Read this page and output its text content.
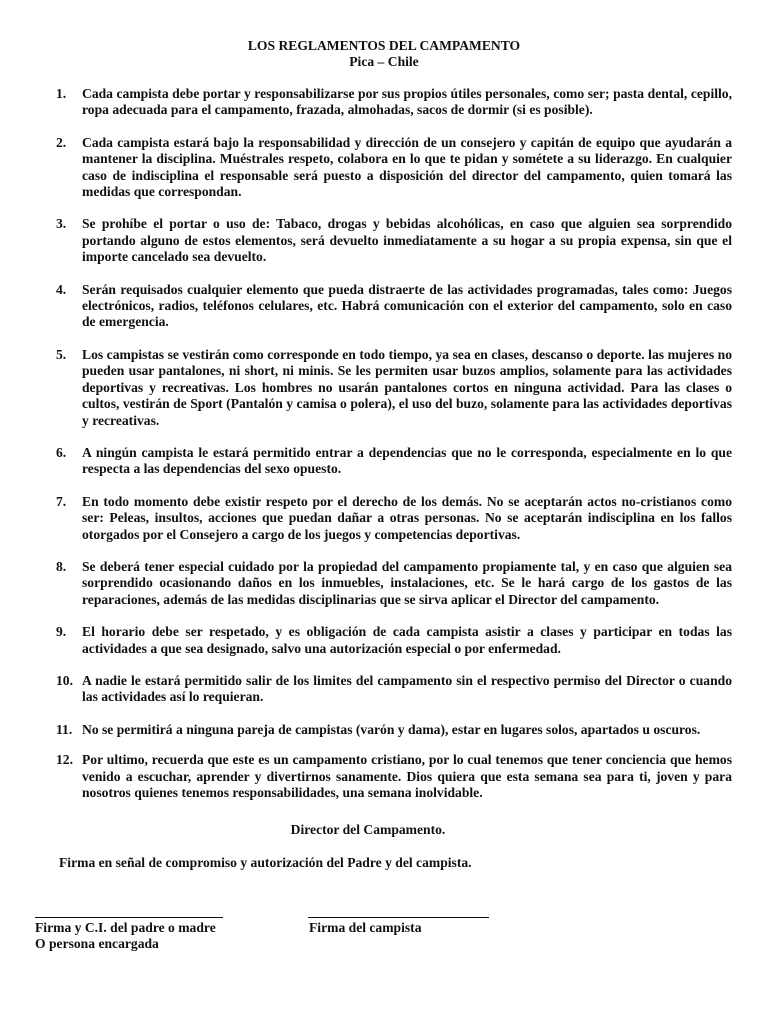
LOS REGLAMENTOS DEL CAMPAMENTO
Pica – Chile
1.	Cada campista debe portar y responsabilizarse por sus propios útiles personales, como ser; pasta dental, cepillo, ropa adecuada para el campamento, frazada, almohadas, sacos de dormir (si es posible).
2.	Cada campista estará bajo la responsabilidad y dirección de un consejero y capitán de equipo que ayudarán a mantener la disciplina. Muéstrales respeto, colabora en lo que te pidan y sométete a su liderazgo. En cualquier caso de indisciplina el responsable será puesto a disposición del director del campamento, quien tomará las medidas que correspondan.
3.	Se prohíbe el portar o uso de: Tabaco, drogas y bebidas alcohólicas, en caso que alguien sea sorprendido portando alguno de estos elementos, será devuelto inmediatamente a su hogar a su propia expensa, sin que el importe cancelado sea devuelto.
4.	Serán requisados cualquier elemento que pueda distraerte de las actividades programadas, tales como: Juegos electrónicos, radios, teléfonos celulares, etc. Habrá comunicación con el exterior del campamento, solo en caso de emergencia.
5.	Los campistas se vestirán como corresponde en todo tiempo, ya sea en clases, descanso o deporte. las mujeres no pueden usar pantalones, ni short, ni minis. Se les permiten usar buzos amplios, solamente para las actividades deportivas y recreativas. Los hombres no usarán pantalones cortos en ninguna actividad. Para las clases o cultos, vestirán de Sport (Pantalón y camisa o polera), el uso del buzo, solamente para las actividades deportivas y recreativas.
6.	A ningún campista le estará permitido entrar a dependencias que no le corresponda, especialmente en lo que respecta a las dependencias del sexo opuesto.
7.	En todo momento debe existir respeto por el derecho de los demás. No se aceptarán actos no-cristianos como ser: Peleas, insultos, acciones que puedan dañar a otras personas. No se aceptarán indisciplina en los fallos otorgados por el Consejero a cargo de los juegos y competencias deportivas.
8.	Se deberá tener especial cuidado por la propiedad del campamento propiamente tal, y en caso que alguien sea sorprendido ocasionando daños en los inmuebles, instalaciones, etc. Se le hará cargo de los gastos de las reparaciones, además de las medidas disciplinarias que se sirva aplicar el Director del campamento.
9.	El horario debe ser respetado, y es obligación de cada campista asistir a clases y participar en todas las actividades a que sea designado, salvo una autorización especial o por enfermedad.
10. A nadie le estará permitido salir de los limites del campamento sin el respectivo permiso del Director o cuando las actividades así lo requieran.
11. No se permitirá a ninguna pareja de campistas (varón y dama), estar en lugares solos, apartados u oscuros.
12. Por ultimo, recuerda que este es un campamento cristiano, por lo cual tenemos que tener conciencia que hemos venido a escuchar, aprender y divertirnos sanamente. Dios quiera que esta semana sea para ti, joven y para nosotros quienes tenemos responsabilidades, una semana inolvidable.
Director del Campamento.
Firma en señal de compromiso y autorización del Padre y del campista.
Firma y C.I. del padre o madre
O persona encargada
Firma del campista
